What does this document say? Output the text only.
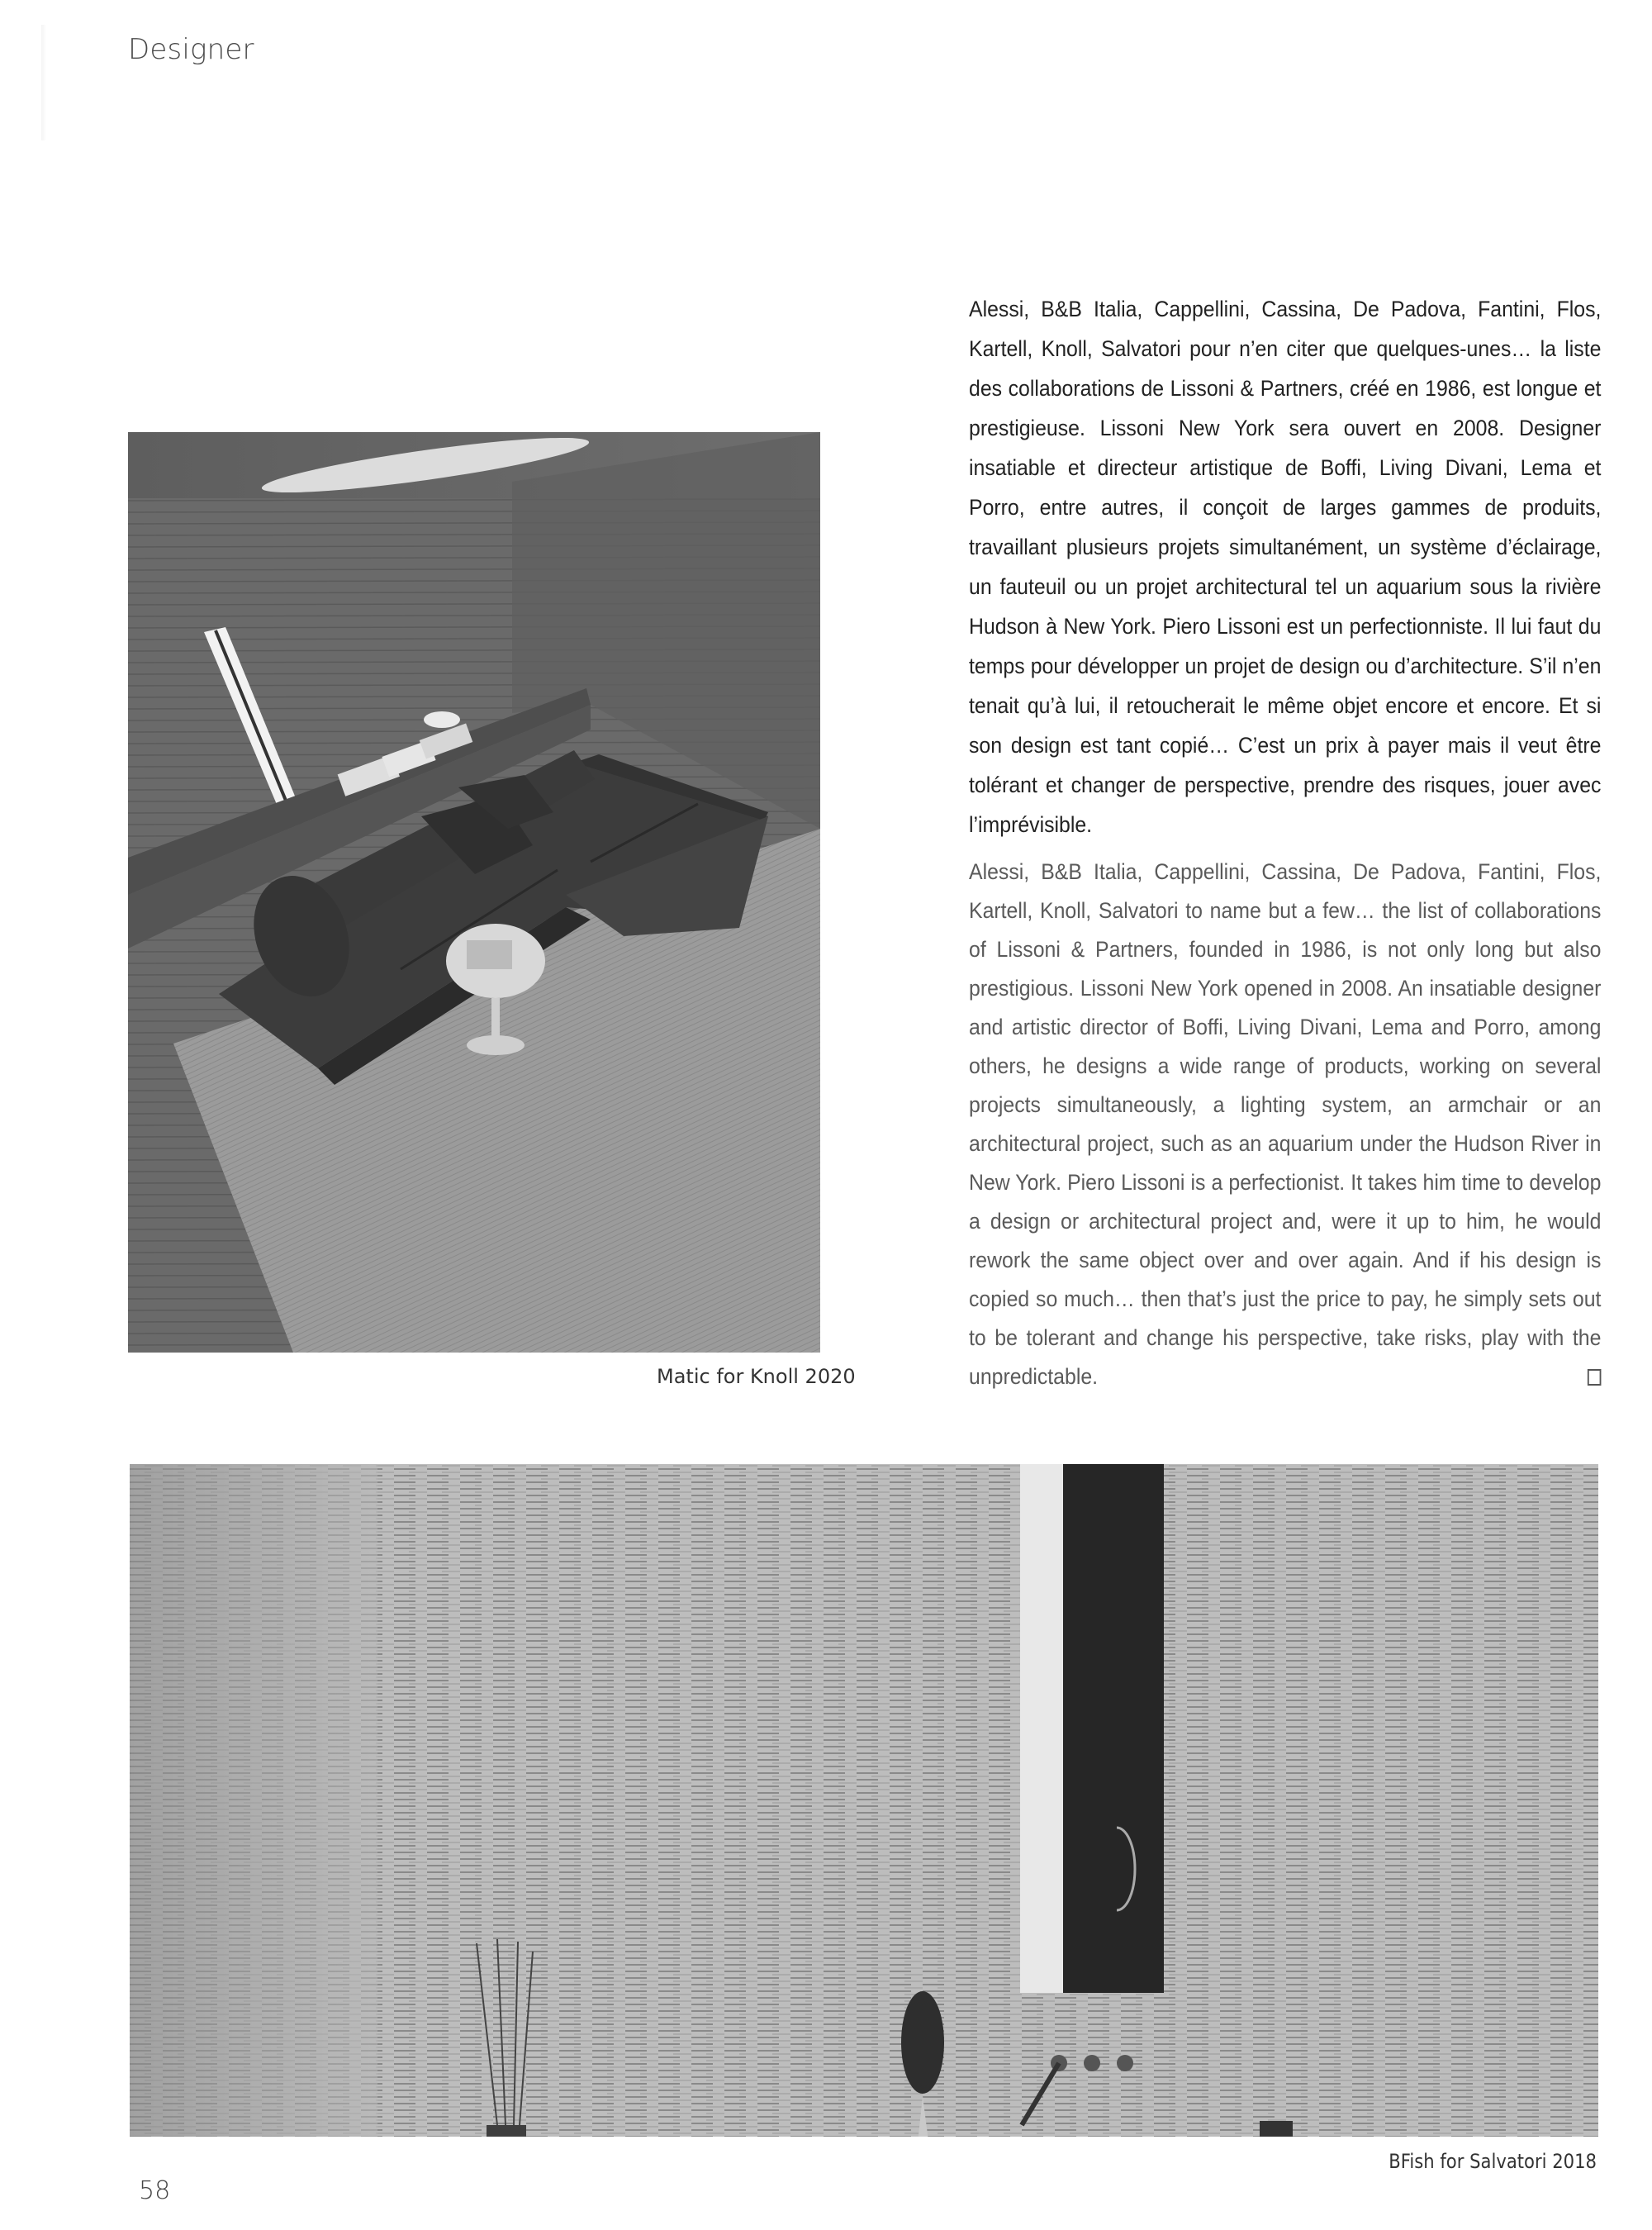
Designer
Matic for Knoll 2020
Alessi, B&B Italia, Cappellini, Cassina, De Padova, Fantini, Flos, Kartell, Knoll, Salvatori pour n’en citer que quelques-unes… la liste des collaborations de Lissoni & Partners, créé en 1986, est longue et prestigieuse. Lissoni New York sera ouvert en 2008. Designer insatiable et directeur artistique de Boffi, Living Divani, Lema et Porro, entre autres, il conçoit de larges gammes de produits, travaillant plusieurs projets simultanément, un système d’éclairage, un fauteuil ou un projet architectural tel un aquarium sous la rivière Hudson à New York. Piero Lissoni est un perfectionniste. Il lui faut du temps pour développer un projet de design ou d’architecture. S’il n’en tenait qu’à lui, il retoucherait le même objet encore et encore. Et si son design est tant copié… C’est un prix à payer mais il veut être tolérant et changer de perspective, prendre des risques, jouer avec l’imprévisible.
Alessi, B&B Italia, Cappellini, Cassina, De Padova, Fantini, Flos, Kartell, Knoll, Salvatori to name but a few… the list of collaborations of Lissoni & Partners, founded in 1986, is not only long but also prestigious. Lissoni New York opened in 2008. An insatiable designer and artistic director of Boffi, Living Divani, Lema and Porro, among others, he designs a wide range of products, working on several projects simultaneously, a lighting system, an armchair or an architectural project, such as an aquarium under the Hudson River in New York. Piero Lissoni is a perfectionist. It takes him time to develop a design or architectural project and, were it up to him, he would rework the same object over and over again. And if his design is copied so much… then that’s just the price to pay, he simply sets out to be tolerant and change his perspective, take risks, play with the unpredictable.
BFish for Salvatori 2018
58
